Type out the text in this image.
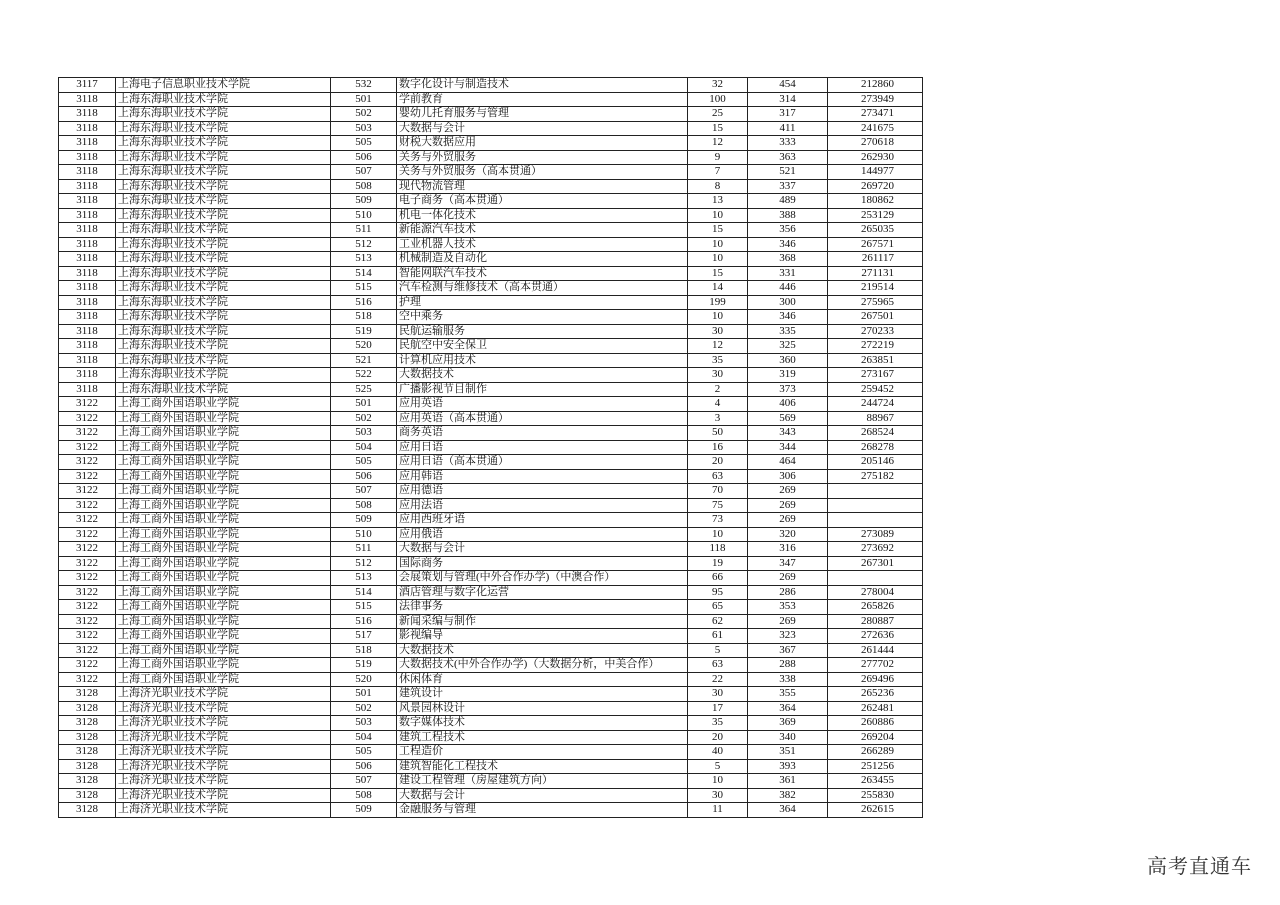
3117	上海电子信息职业技术学院	532	数字化设计与制造技术	32	454	212860
3118	上海东海职业技术学院	501	学前教育	100	314	273949
3118	上海东海职业技术学院	502	婴幼儿托育服务与管理	25	317	273471
3118	上海东海职业技术学院	503	大数据与会计	15	411	241675
3118	上海东海职业技术学院	505	财税大数据应用	12	333	270618
3118	上海东海职业技术学院	506	关务与外贸服务	9	363	262930
3118	上海东海职业技术学院	507	关务与外贸服务（高本贯通）	7	521	144977
3118	上海东海职业技术学院	508	现代物流管理	8	337	269720
3118	上海东海职业技术学院	509	电子商务（高本贯通）	13	489	180862
3118	上海东海职业技术学院	510	机电一体化技术	10	388	253129
3118	上海东海职业技术学院	511	新能源汽车技术	15	356	265035
3118	上海东海职业技术学院	512	工业机器人技术	10	346	267571
3118	上海东海职业技术学院	513	机械制造及自动化	10	368	261117
3118	上海东海职业技术学院	514	智能网联汽车技术	15	331	271131
3118	上海东海职业技术学院	515	汽车检测与维修技术（高本贯通）	14	446	219514
3118	上海东海职业技术学院	516	护理	199	300	275965
3118	上海东海职业技术学院	518	空中乘务	10	346	267501
3118	上海东海职业技术学院	519	民航运输服务	30	335	270233
3118	上海东海职业技术学院	520	民航空中安全保卫	12	325	272219
3118	上海东海职业技术学院	521	计算机应用技术	35	360	263851
3118	上海东海职业技术学院	522	大数据技术	30	319	273167
3118	上海东海职业技术学院	525	广播影视节目制作	2	373	259452
3122	上海工商外国语职业学院	501	应用英语	4	406	244724
3122	上海工商外国语职业学院	502	应用英语（高本贯通）	3	569	88967
3122	上海工商外国语职业学院	503	商务英语	50	343	268524
3122	上海工商外国语职业学院	504	应用日语	16	344	268278
3122	上海工商外国语职业学院	505	应用日语（高本贯通）	20	464	205146
3122	上海工商外国语职业学院	506	应用韩语	63	306	275182
3122	上海工商外国语职业学院	507	应用德语	70	269	
3122	上海工商外国语职业学院	508	应用法语	75	269	
3122	上海工商外国语职业学院	509	应用西班牙语	73	269	
3122	上海工商外国语职业学院	510	应用俄语	10	320	273089
3122	上海工商外国语职业学院	511	大数据与会计	118	316	273692
3122	上海工商外国语职业学院	512	国际商务	19	347	267301
3122	上海工商外国语职业学院	513	会展策划与管理(中外合作办学)（中澳合作）	66	269	
3122	上海工商外国语职业学院	514	酒店管理与数字化运营	95	286	278004
3122	上海工商外国语职业学院	515	法律事务	65	353	265826
3122	上海工商外国语职业学院	516	新闻采编与制作	62	269	280887
3122	上海工商外国语职业学院	517	影视编导	61	323	272636
3122	上海工商外国语职业学院	518	大数据技术	5	367	261444
3122	上海工商外国语职业学院	519	大数据技术(中外合作办学)（大数据分析，中美合作）	63	288	277702
3122	上海工商外国语职业学院	520	休闲体育	22	338	269496
3128	上海济光职业技术学院	501	建筑设计	30	355	265236
3128	上海济光职业技术学院	502	风景园林设计	17	364	262481
3128	上海济光职业技术学院	503	数字媒体技术	35	369	260886
3128	上海济光职业技术学院	504	建筑工程技术	20	340	269204
3128	上海济光职业技术学院	505	工程造价	40	351	266289
3128	上海济光职业技术学院	506	建筑智能化工程技术	5	393	251256
3128	上海济光职业技术学院	507	建设工程管理（房屋建筑方向）	10	361	263455
3128	上海济光职业技术学院	508	大数据与会计	30	382	255830
3128	上海济光职业技术学院	509	金融服务与管理	11	364	262615
高考直通车
